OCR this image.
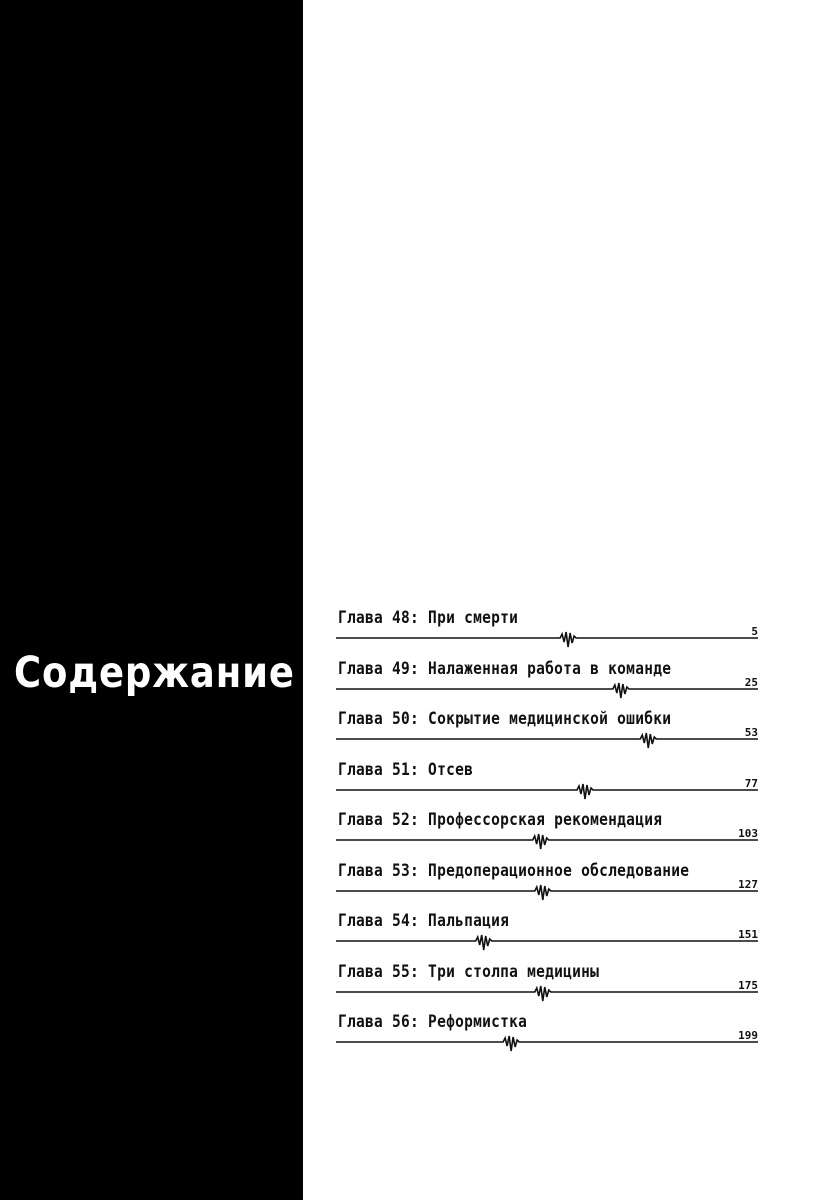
Содержание
Глава 48: При смерти
5
Глава 49: Налаженная работа в команде
25
Глава 50: Сокрытие медицинской ошибки
53
Глава 51: Отсев
77
Глава 52: Профессорская рекомендация
103
Глава 53: Предоперационное обследование
127
Глава 54: Пальпация
151
Глава 55: Три столпа медицины
175
Глава 56: Реформистка
199
